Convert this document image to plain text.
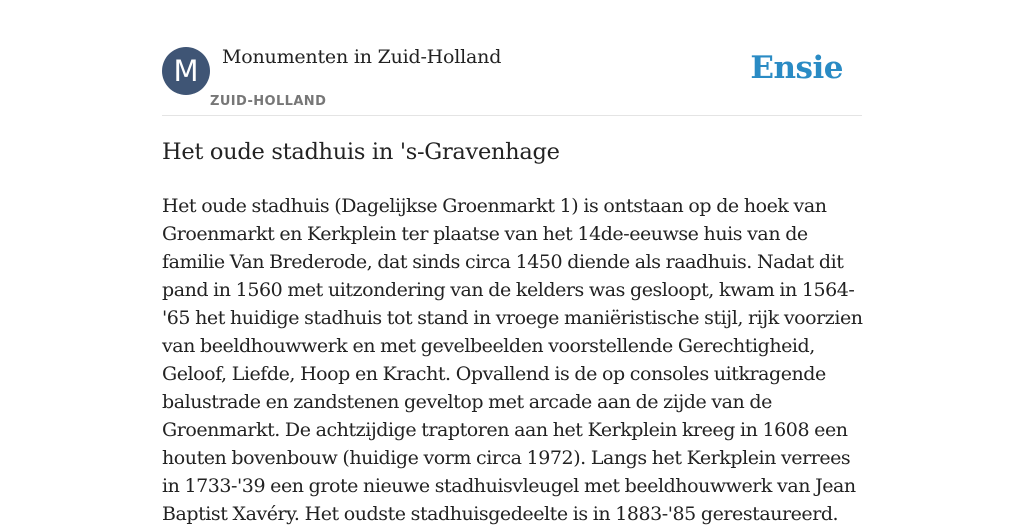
M	Monumenten in Zuid-Holland
ZUID-HOLLAND
Ensie
Het oude stadhuis in 's-Gravenhage

Het oude stadhuis (Dagelijkse Groenmarkt 1) is ontstaan op de hoek van Groenmarkt en Kerkplein ter plaatse van het 14de-eeuwse huis van de familie Van Brederode, dat sinds circa 1450 diende als raadhuis. Nadat dit pand in 1560 met uitzondering van de kelders was gesloopt, kwam in 1564-'65 het huidige stadhuis tot stand in vroege maniëristische stijl, rijk voorzien van beeldhouwwerk en met gevelbeelden voorstellende Gerechtigheid, Geloof, Liefde, Hoop en Kracht. Opvallend is de op consoles uitkragende balustrade en zandstenen geveltop met arcade aan de zijde van de Groenmarkt. De achtzijdige traptoren aan het Kerkplein kreeg in 1608 een houten bovenbouw (huidige vorm circa 1972). Langs het Kerkplein verrees in 1733-'39 een grote nieuwe stadhuisvleugel met beeldhouwwerk van Jean Baptist Xavéry. Het oudste stadhuisgedeelte is in 1883-'85 gerestaureerd.
